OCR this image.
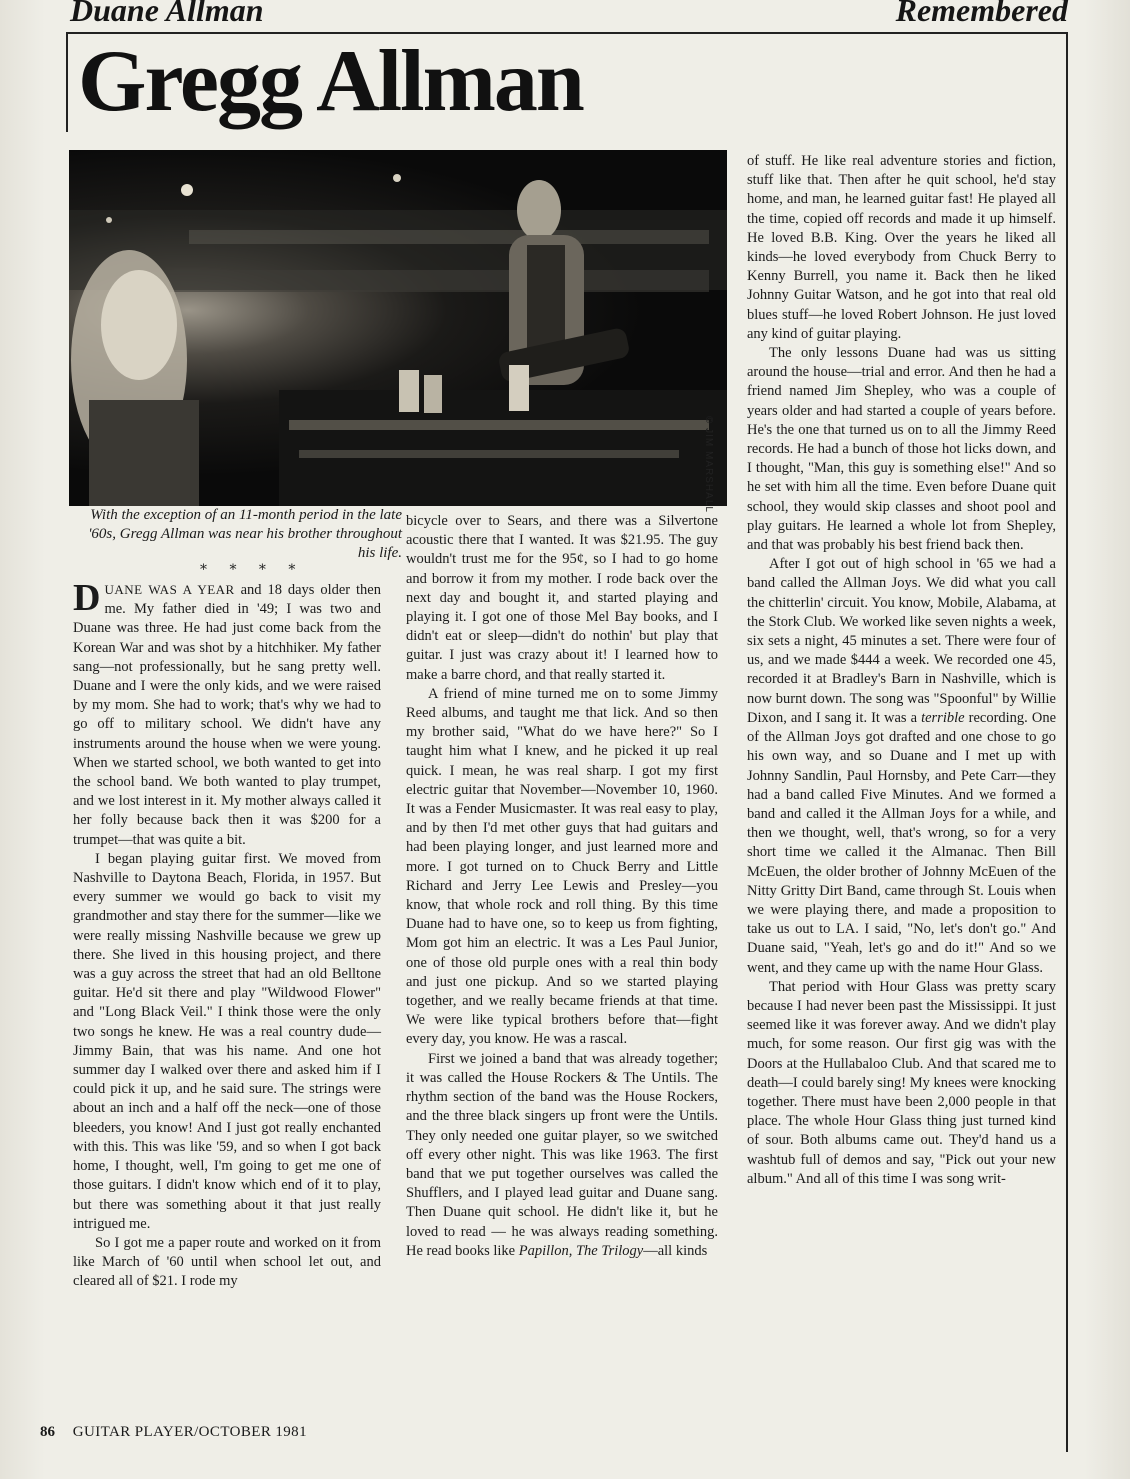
Duane Allman	Remembered
Gregg Allman
© JIM MARSHALL

With the exception of an 11-month period in the late '60s, Gregg Allman was near his brother throughout his life.

* * * *

DUANE WAS A YEAR and 18 days older then me. My father died in '49; I was two and Duane was three. He had just come back from the Korean War and was shot by a hitchhiker. My father sang—not professionally, but he sang pretty well. Duane and I were the only kids, and we were raised by my mom. She had to work; that's why we had to go off to military school. We didn't have any instruments around the house when we were young. When we started school, we both wanted to get into the school band. We both wanted to play trumpet, and we lost interest in it. My mother always called it her folly because back then it was $200 for a trumpet—that was quite a bit.

I began playing guitar first. We moved from Nashville to Daytona Beach, Florida, in 1957. But every summer we would go back to visit my grandmother and stay there for the summer—like we were really missing Nashville because we grew up there. She lived in this housing project, and there was a guy across the street that had an old Belltone guitar. He'd sit there and play "Wildwood Flower" and "Long Black Veil." I think those were the only two songs he knew. He was a real country dude—Jimmy Bain, that was his name. And one hot summer day I walked over there and asked him if I could pick it up, and he said sure. The strings were about an inch and a half off the neck—one of those bleeders, you know! And I just got really enchanted with this. This was like '59, and so when I got back home, I thought, well, I'm going to get me one of those guitars. I didn't know which end of it to play, but there was something about it that just really intrigued me.

So I got me a paper route and worked on it from like March of '60 until when school let out, and cleared all of $21. I rode my

bicycle over to Sears, and there was a Silvertone acoustic there that I wanted. It was $21.95. The guy wouldn't trust me for the 95¢, so I had to go home and borrow it from my mother. I rode back over the next day and bought it, and started playing and playing it. I got one of those Mel Bay books, and I didn't eat or sleep—didn't do nothin' but play that guitar. I just was crazy about it! I learned how to make a barre chord, and that really started it.

A friend of mine turned me on to some Jimmy Reed albums, and taught me that lick. And so then my brother said, "What do we have here?" So I taught him what I knew, and he picked it up real quick. I mean, he was real sharp. I got my first electric guitar that November—November 10, 1960. It was a Fender Musicmaster. It was real easy to play, and by then I'd met other guys that had guitars and had been playing longer, and just learned more and more. I got turned on to Chuck Berry and Little Richard and Jerry Lee Lewis and Presley—you know, that whole rock and roll thing. By this time Duane had to have one, so to keep us from fighting, Mom got him an electric. It was a Les Paul Junior, one of those old purple ones with a real thin body and just one pickup. And so we started playing together, and we really became friends at that time. We were like typical brothers before that—fight every day, you know. He was a rascal.

First we joined a band that was already together; it was called the House Rockers & The Untils. The rhythm section of the band was the House Rockers, and the three black singers up front were the Untils. They only needed one guitar player, so we switched off every other night. This was like 1963. The first band that we put together ourselves was called the Shufflers, and I played lead guitar and Duane sang. Then Duane quit school. He didn't like it, but he loved to read — he was always reading something. He read books like Papillon, The Trilogy—all kinds

of stuff. He like real adventure stories and fiction, stuff like that. Then after he quit school, he'd stay home, and man, he learned guitar fast! He played all the time, copied off records and made it up himself. He loved B.B. King. Over the years he liked all kinds—he loved everybody from Chuck Berry to Kenny Burrell, you name it. Back then he liked Johnny Guitar Watson, and he got into that real old blues stuff—he loved Robert Johnson. He just loved any kind of guitar playing.

The only lessons Duane had was us sitting around the house—trial and error. And then he had a friend named Jim Shepley, who was a couple of years older and had started a couple of years before. He's the one that turned us on to all the Jimmy Reed records. He had a bunch of those hot licks down, and I thought, "Man, this guy is something else!" And so he set with him all the time. Even before Duane quit school, they would skip classes and shoot pool and play guitars. He learned a whole lot from Shepley, and that was probably his best friend back then.

After I got out of high school in '65 we had a band called the Allman Joys. We did what you call the chitterlin' circuit. You know, Mobile, Alabama, at the Stork Club. We worked like seven nights a week, six sets a night, 45 minutes a set. There were four of us, and we made $444 a week. We recorded one 45, recorded it at Bradley's Barn in Nashville, which is now burnt down. The song was "Spoonful" by Willie Dixon, and I sang it. It was a terrible recording. One of the Allman Joys got drafted and one chose to go his own way, and so Duane and I met up with Johnny Sandlin, Paul Hornsby, and Pete Carr—they had a band called Five Minutes. And we formed a band and called it the Allman Joys for a while, and then we thought, well, that's wrong, so for a very short time we called it the Almanac. Then Bill McEuen, the older brother of Johnny McEuen of the Nitty Gritty Dirt Band, came through St. Louis when we were playing there, and made a proposition to take us out to LA. I said, "No, let's don't go." And Duane said, "Yeah, let's go and do it!" And so we went, and they came up with the name Hour Glass.

That period with Hour Glass was pretty scary because I had never been past the Mississippi. It just seemed like it was forever away. And we didn't play much, for some reason. Our first gig was with the Doors at the Hullabaloo Club. And that scared me to death—I could barely sing! My knees were knocking together. There must have been 2,000 people in that place. The whole Hour Glass thing just turned kind of sour. Both albums came out. They'd hand us a washtub full of demos and say, "Pick out your new album." And all of this time I was song writ-

86 GUITAR PLAYER/OCTOBER 1981
